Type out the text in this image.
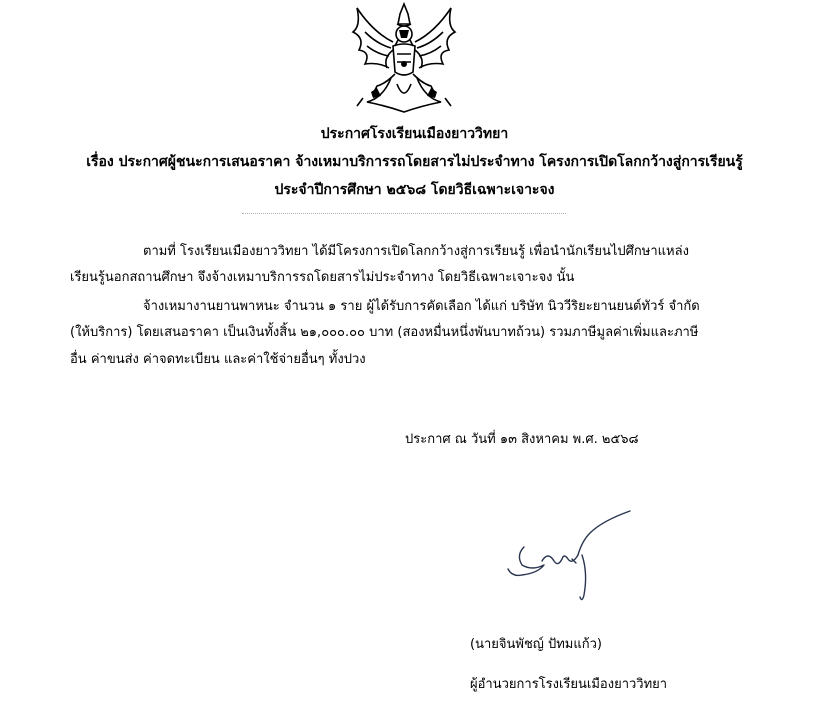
ประกาศโรงเรียนเมืองยาววิทยา
เรื่อง ประกาศผู้ชนะการเสนอราคา จ้างเหมาบริการรถโดยสารไม่ประจำทาง โครงการเปิดโลกกว้างสู่การเรียนรู้
ประจำปีการศึกษา ๒๕๖๘ โดยวิธีเฉพาะเจาะจง
ตามที่ โรงเรียนเมืองยาววิทยา ได้มีโครงการเปิดโลกกว้างสู่การเรียนรู้ เพื่อนำนักเรียนไปศึกษาแหล่ง
เรียนรู้นอกสถานศึกษา จึงจ้างเหมาบริการรถโดยสารไม่ประจำทาง โดยวิธีเฉพาะเจาะจง นั้น
จ้างเหมางานยานพาหนะ จำนวน ๑ ราย ผู้ได้รับการคัดเลือก ได้แก่ บริษัท นิววีริยะยานยนต์ทัวร์ จำกัด
(ให้บริการ) โดยเสนอราคา เป็นเงินทั้งสิ้น ๒๑,๐๐๐.๐๐ บาท (สองหมื่นหนึ่งพันบาทถ้วน) รวมภาษีมูลค่าเพิ่มและภาษี
อื่น ค่าขนส่ง ค่าจดทะเบียน และค่าใช้จ่ายอื่นๆ ทั้งปวง
ประกาศ ณ วันที่ ๑๓ สิงหาคม พ.ศ. ๒๕๖๘
(นายจินพัชญ์ ปัทมแก้ว)
ผู้อำนวยการโรงเรียนเมืองยาววิทยา
